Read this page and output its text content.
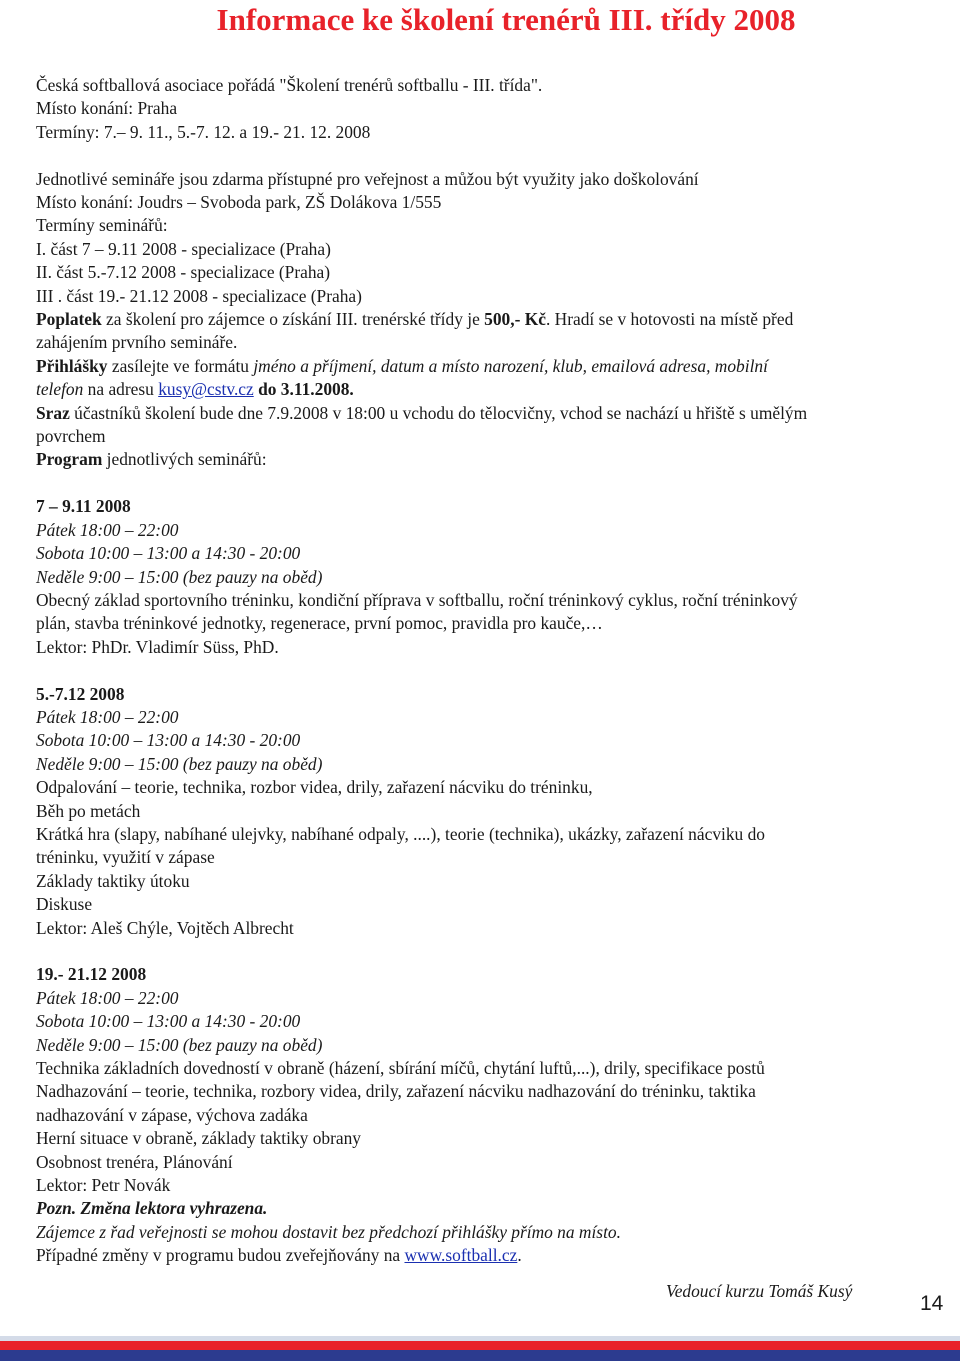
Informace ke školení trenérů III. třídy 2008
Česká softballová asociace pořádá "Školení trenérů softballu - III. třída".
Místo konání: Praha
Termíny: 7.– 9. 11., 5.-7. 12. a 19.- 21. 12. 2008
Jednotlivé semináře jsou zdarma přístupné pro veřejnost a můžou být využity jako doškolování
Místo konání: Joudrs – Svoboda park, ZŠ Dolákova 1/555
Termíny seminářů:
I. část 7 – 9.11 2008 - specializace (Praha)
II. část 5.-7.12 2008 - specializace (Praha)
III . část 19.- 21.12 2008 - specializace (Praha)
Poplatek za školení pro zájemce o získání III. trenérské třídy je 500,- Kč. Hradí se v hotovosti na místě před
zahájením prvního semináře.
Přihlášky zasílejte ve formátu jméno a příjmení, datum a místo narození, klub, emailová adresa, mobilní
telefon na adresu kusy@cstv.cz do 3.11.2008.
Sraz účastníků školení bude dne 7.9.2008 v 18:00 u vchodu do tělocvičny, vchod se nachází u hřiště s umělým
povrchem
Program jednotlivých seminářů:
7 – 9.11 2008
Pátek 18:00 – 22:00
Sobota 10:00 – 13:00 a 14:30 - 20:00
Neděle 9:00 – 15:00 (bez pauzy na oběd)
Obecný základ sportovního tréninku, kondiční příprava v softballu, roční tréninkový cyklus, roční tréninkový
plán, stavba tréninkové jednotky, regenerace, první pomoc, pravidla pro kauče,…
Lektor: PhDr. Vladimír Süss, PhD.
5.-7.12 2008
Pátek 18:00 – 22:00
Sobota 10:00 – 13:00 a 14:30 - 20:00
Neděle 9:00 – 15:00 (bez pauzy na oběd)
Odpalování – teorie, technika, rozbor videa, drily, zařazení nácviku do tréninku,
Běh po metách
Krátká hra (slapy, nabíhané ulejvky, nabíhané odpaly, ....), teorie (technika), ukázky, zařazení nácviku do
tréninku, využití v zápase
Základy taktiky útoku
Diskuse
Lektor: Aleš Chýle, Vojtěch Albrecht
19.- 21.12 2008
Pátek 18:00 – 22:00
Sobota 10:00 – 13:00 a 14:30 - 20:00
Neděle 9:00 – 15:00 (bez pauzy na oběd)
Technika základních dovedností v obraně (házení, sbírání míčů, chytání luftů,...), drily, specifikace postů
Nadhazování – teorie, technika, rozbory videa, drily, zařazení nácviku nadhazování do tréninku, taktika
nadhazování v zápase, výchova zadáka
Herní situace v obraně, základy taktiky obrany
Osobnost trenéra, Plánování
Lektor: Petr Novák
Pozn. Změna lektora vyhrazena.
Zájemce z řad veřejnosti se mohou dostavit bez předchozí přihlášky přímo na místo.
Případné změny v programu budou zveřejňovány na www.softball.cz.
Vedoucí kurzu Tomáš Kusý
14
